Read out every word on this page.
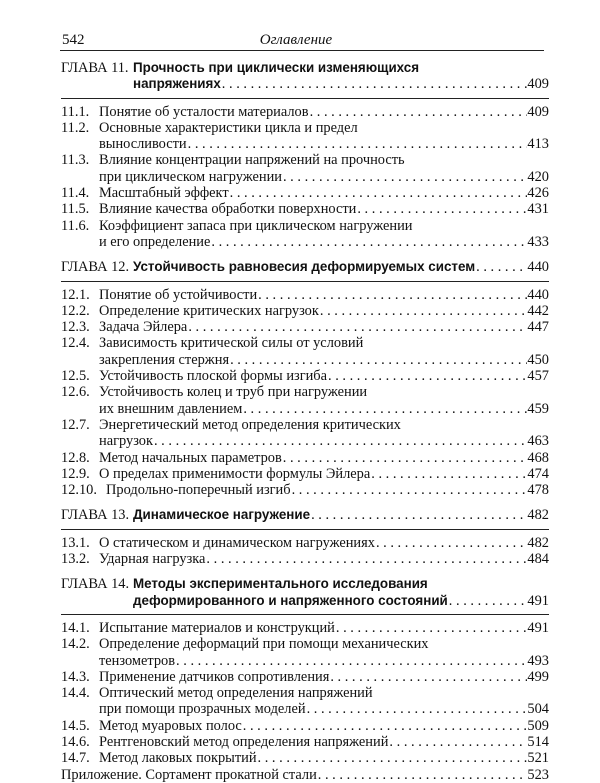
542	Оглавление
ГЛАВА 11. Прочность при циклически изменяющихся
напряжениях . . .	409
11.1. Понятие об усталости материалов . . .	409
11.2. Основные характеристики цикла и предел
выносливости . . .	413
11.3. Влияние концентрации напряжений на прочность
при циклическом нагружении . . .	420
11.4. Масштабный эффект . . .	426
11.5. Влияние качества обработки поверхности . . .	431
11.6. Коэффициент запаса при циклическом нагружении
и его определение . . .	433
ГЛАВА 12. Устойчивость равновесия деформируемых систем . . .	440
12.1. Понятие об устойчивости . . .	440
12.2. Определение критических нагрузок . . .	442
12.3. Задача Эйлера . . .	447
12.4. Зависимость критической силы от условий
закрепления стержня . . .	450
12.5. Устойчивость плоской формы изгиба . . .	457
12.6. Устойчивость колец и труб при нагружении
их внешним давлением . . .	459
12.7. Энергетический метод определения критических
нагрузок . . .	463
12.8. Метод начальных параметров . . .	468
12.9. О пределах применимости формулы Эйлера . . .	474
12.10. Продольно-поперечный изгиб . . .	478
ГЛАВА 13. Динамическое нагружение . . .	482
13.1. О статическом и динамическом нагружениях . . .	482
13.2. Ударная нагрузка . . .	484
ГЛАВА 14. Методы экспериментального исследования
деформированного и напряженного состояний . . .	491
14.1. Испытание материалов и конструкций . . .	491
14.2. Определение деформаций при помощи механических
тензометров . . .	493
14.3. Применение датчиков сопротивления . . .	499
14.4. Оптический метод определения напряжений
при помощи прозрачных моделей . . .	504
14.5. Метод муаровых полос . . .	509
14.6. Рентгеновский метод определения напряжений . . .	514
14.7. Метод лаковых покрытий . . .	521
Приложение. Сортамент прокатной стали . . .	523
